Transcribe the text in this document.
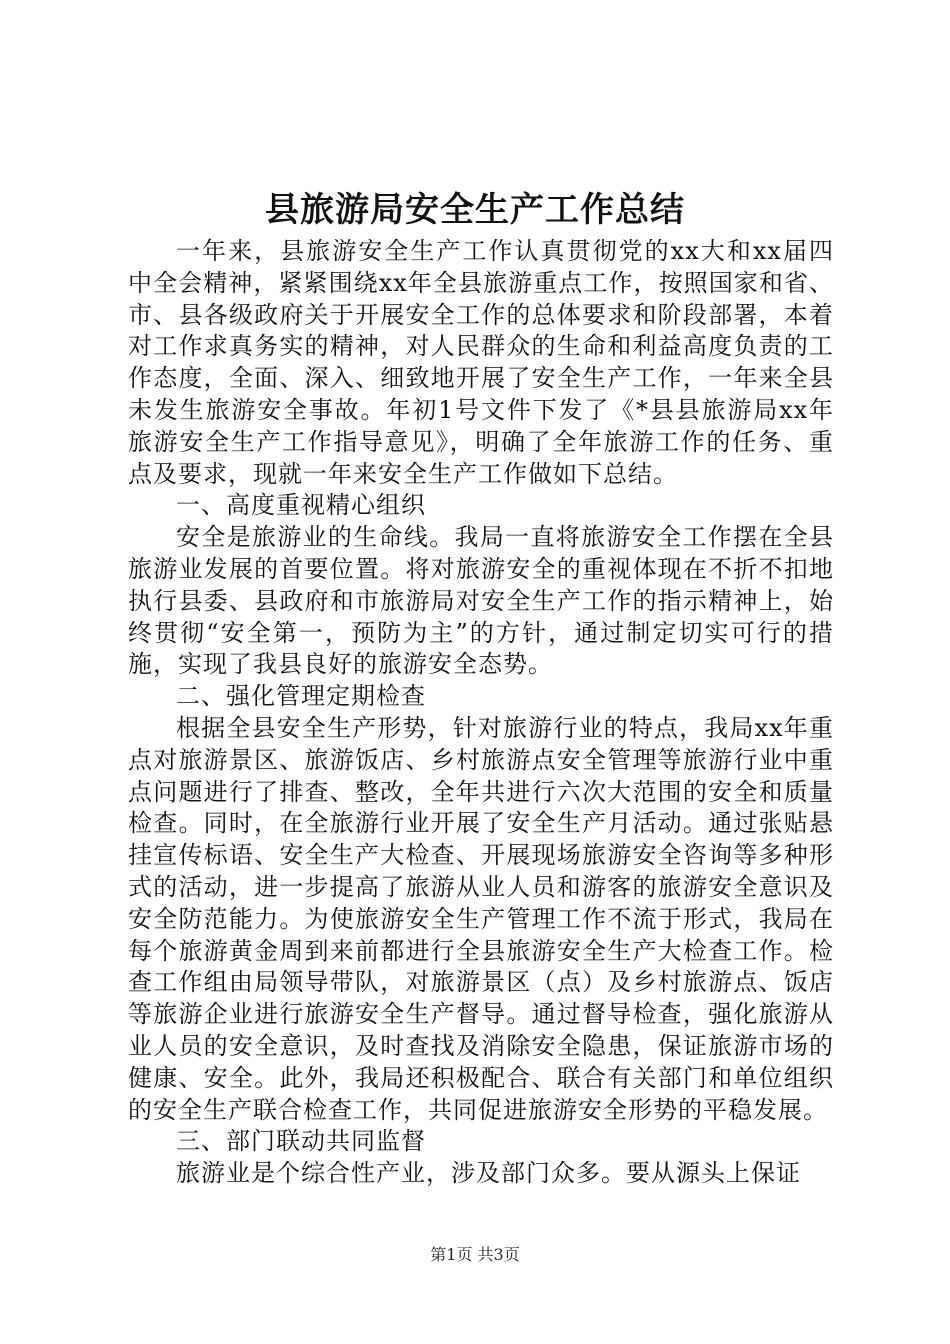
县旅游局安全生产工作总结

一年来，县旅游安全生产工作认真贯彻党的xx大和xx届四中全会精神，紧紧围绕xx年全县旅游重点工作，按照国家和省、市、县各级政府关于开展安全工作的总体要求和阶段部署，本着对工作求真务实的精神，对人民群众的生命和利益高度负责的工作态度，全面、深入、细致地开展了安全生产工作，一年来全县未发生旅游安全事故。年初1号文件下发了《*县县旅游局xx年旅游安全生产工作指导意见》，明确了全年旅游工作的任务、重点及要求，现就一年来安全生产工作做如下总结。

一、高度重视精心组织

安全是旅游业的生命线。我局一直将旅游安全工作摆在全县旅游业发展的首要位置。将对旅游安全的重视体现在不折不扣地执行县委、县政府和市旅游局对安全生产工作的指示精神上，始终贯彻“安全第一，预防为主”的方针，通过制定切实可行的措施，实现了我县良好的旅游安全态势。

二、强化管理定期检查

根据全县安全生产形势，针对旅游行业的特点，我局xx年重点对旅游景区、旅游饭店、乡村旅游点安全管理等旅游行业中重点问题进行了排查、整改，全年共进行六次大范围的安全和质量检查。同时，在全旅游行业开展了安全生产月活动。通过张贴悬挂宣传标语、安全生产大检查、开展现场旅游安全咨询等多种形式的活动，进一步提高了旅游从业人员和游客的旅游安全意识及安全防范能力。为使旅游安全生产管理工作不流于形式，我局在每个旅游黄金周到来前都进行全县旅游安全生产大检查工作。检查工作组由局领导带队，对旅游景区（点）及乡村旅游点、饭店等旅游企业进行旅游安全生产督导。通过督导检查，强化旅游从业人员的安全意识，及时查找及消除安全隐患，保证旅游市场的健康、安全。此外，我局还积极配合、联合有关部门和单位组织的安全生产联合检查工作，共同促进旅游安全形势的平稳发展。

三、部门联动共同监督

旅游业是个综合性产业，涉及部门众多。要从源头上保证

第1页 共3页
